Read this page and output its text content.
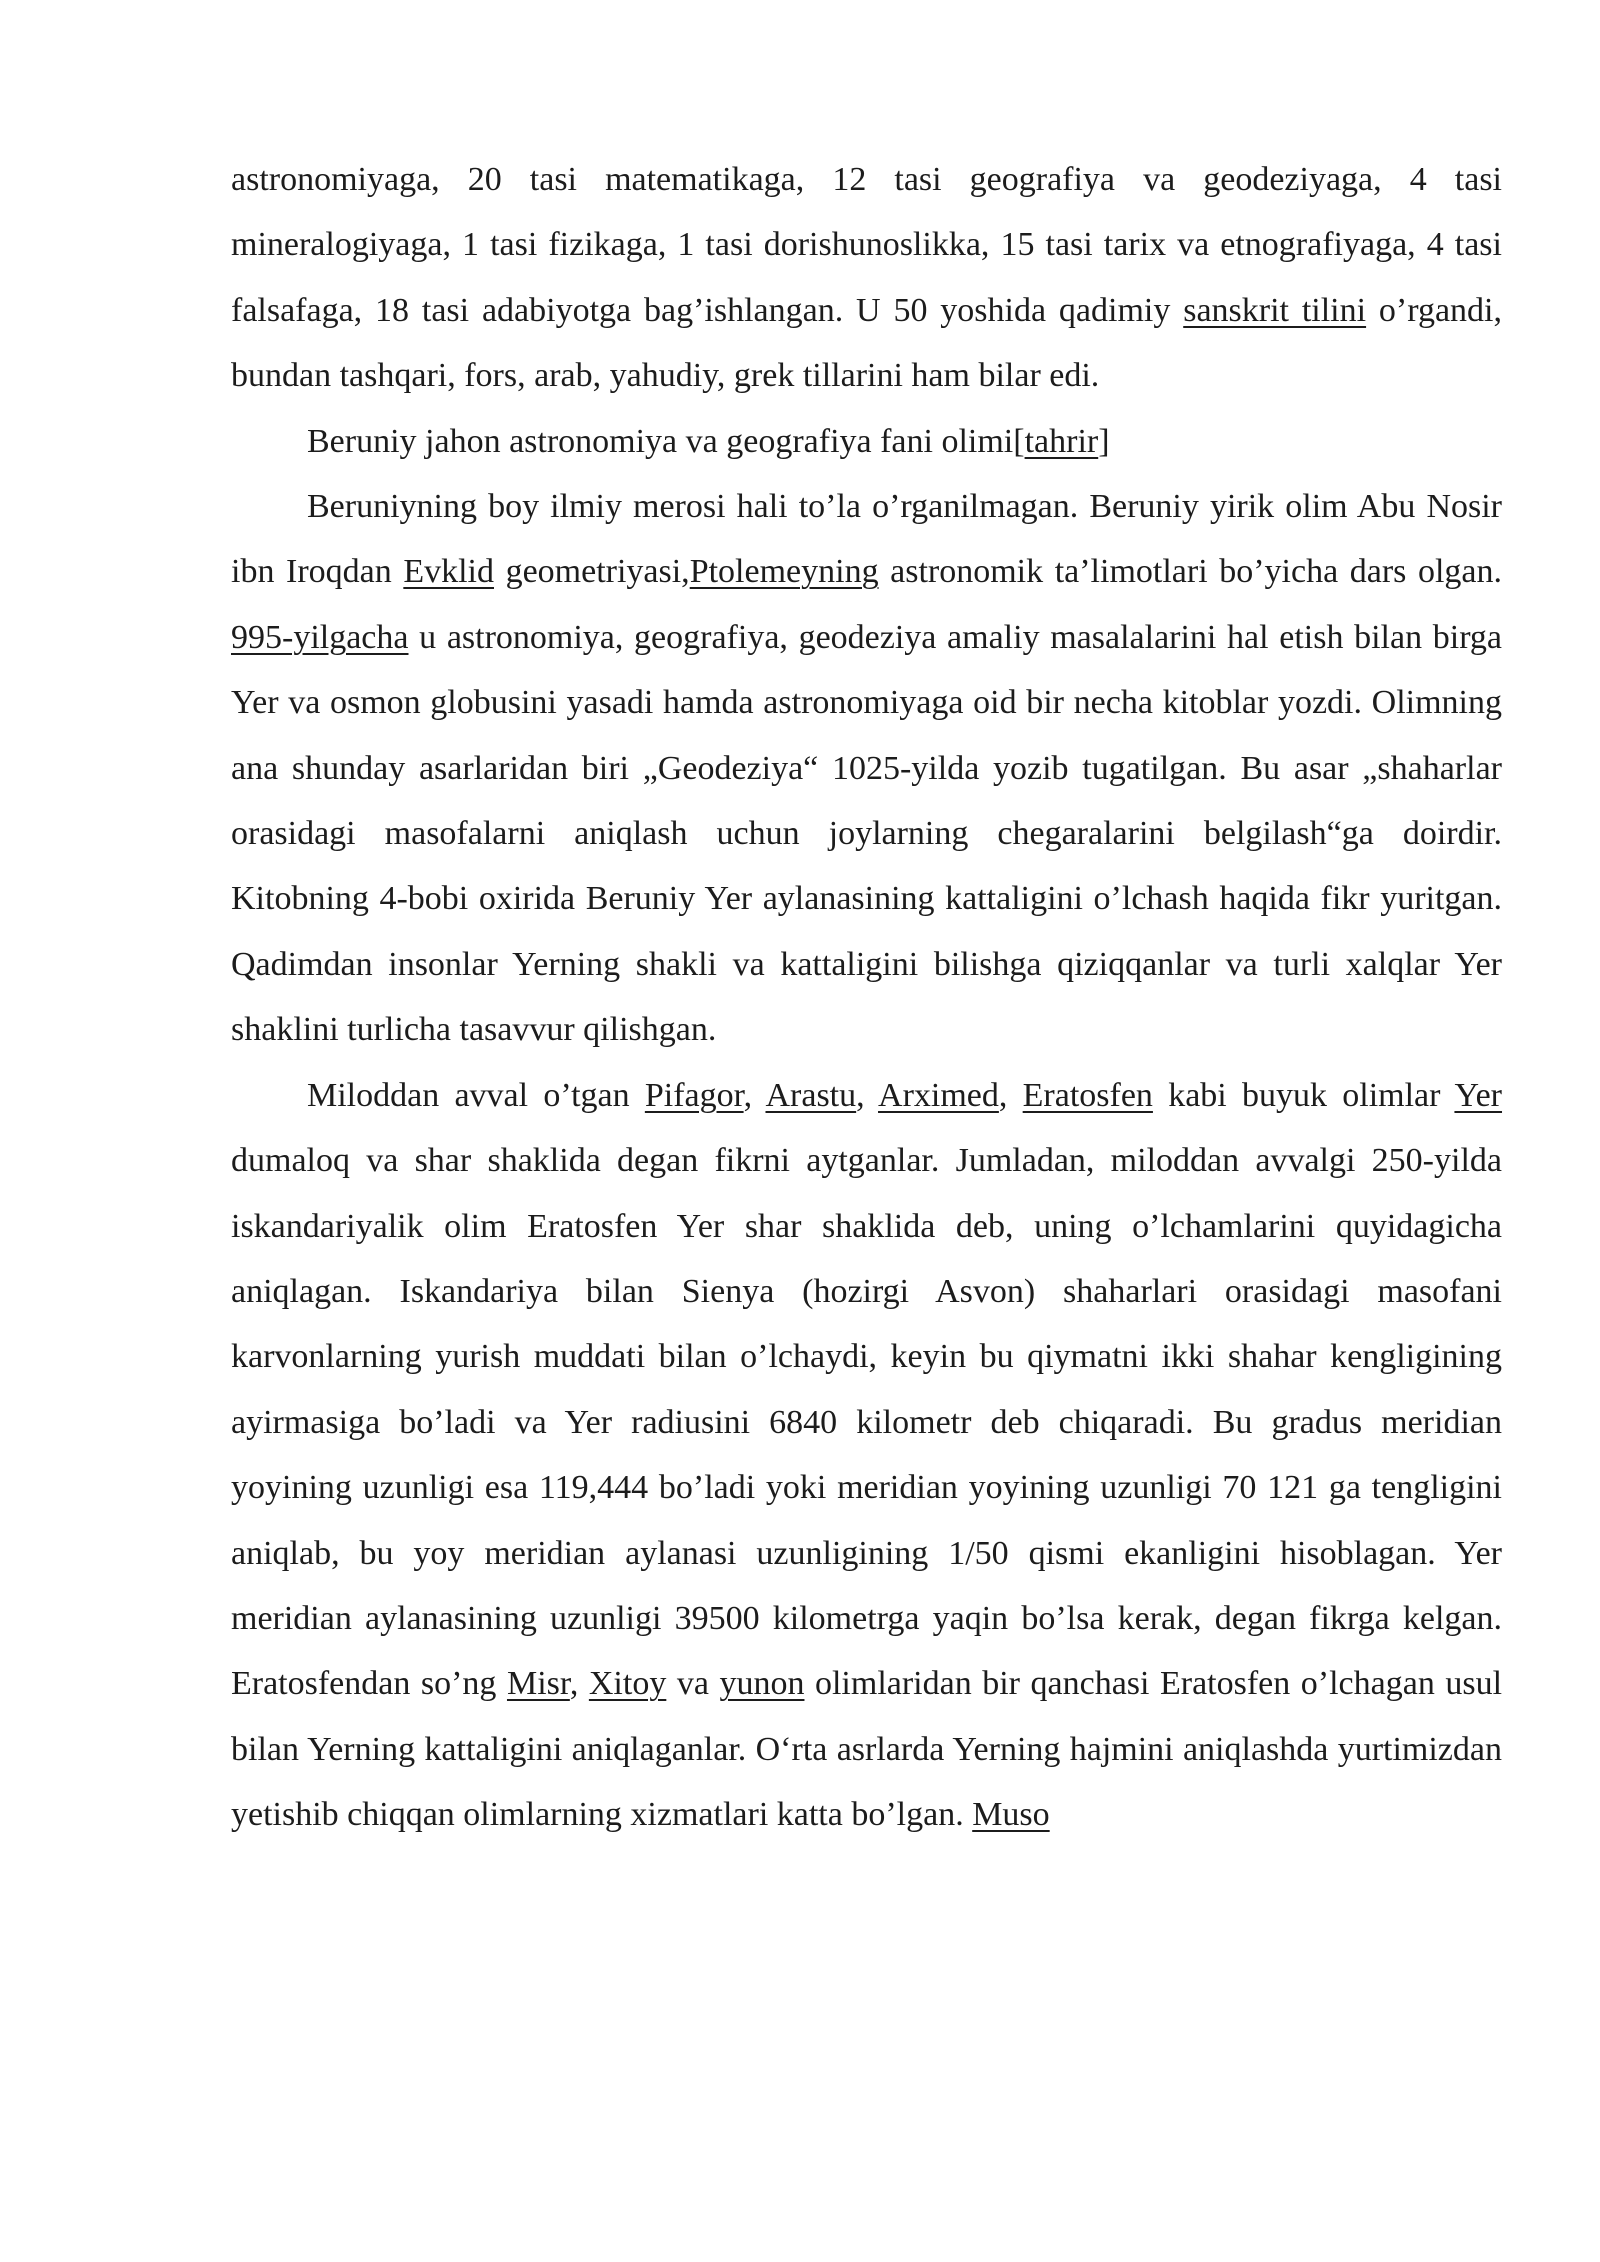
astronomiyaga, 20 tasi matematikaga, 12 tasi geografiya va geodeziyaga, 4 tasi mineralogiyaga, 1 tasi fizikaga, 1 tasi dorishunoslikka, 15 tasi tarix va etnografiyaga, 4 tasi falsafaga, 18 tasi adabiyotga bag’ishlangan. U 50 yoshida qadimiy sanskrit tilini o’rgandi, bundan tashqari, fors, arab, yahudiy, grek tillarini ham bilar edi.

Beruniy jahon astronomiya va geografiya fani olimi[tahrir]

Beruniyning boy ilmiy merosi hali to’la o’rganilmagan. Beruniy yirik olim Abu Nosir ibn Iroqdan Evklid geometriyasi,Ptolemeyning astronomik ta’limotlari bo’yicha dars olgan. 995-yilgacha u astronomiya, geografiya, geodeziya amaliy masalalarini hal etish bilan birga Yer va osmon globusini yasadi hamda astronomiyaga oid bir necha kitoblar yozdi. Olimning ana shunday asarlaridan biri „Geodeziya“ 1025-yilda yozib tugatilgan. Bu asar „shaharlar orasidagi masofalarni aniqlash uchun joylarning chegaralarini belgilash“ga doirdir. Kitobning 4-bobi oxirida Beruniy Yer aylanasining kattaligini o’lchash haqida fikr yuritgan. Qadimdan insonlar Yerning shakli va kattaligini bilishga qiziqqanlar va turli xalqlar Yer shaklini turlicha tasavvur qilishgan.

Miloddan avval o’tgan Pifagor, Arastu, Arximed, Eratosfen kabi buyuk olimlar Yer dumaloq va shar shaklida degan fikrni aytganlar. Jumladan, miloddan avvalgi 250-yilda iskandariyalik olim Eratosfen Yer shar shaklida deb, uning o’lchamlarini quyidagicha aniqlagan. Iskandariya bilan Sienya (hozirgi Asvon) shaharlari orasidagi masofani karvonlarning yurish muddati bilan o’lchaydi, keyin bu qiymatni ikki shahar kengligining ayirmasiga bo’ladi va Yer radiusini 6840 kilometr deb chiqaradi. Bu gradus meridian yoyining uzunligi esa 119,444 bo’ladi yoki meridian yoyining uzunligi 70 121 ga tengligini aniqlab, bu yoy meridian aylanasi uzunligining 1/50 qismi ekanligini hisoblagan. Yer meridian aylanasining uzunligi 39500 kilometrga yaqin bo’lsa kerak, degan fikrga kelgan. Eratosfendan so’ng Misr, Xitoy va yunon olimlaridan bir qanchasi Eratosfen o’lchagan usul bilan Yerning kattaligini aniqlaganlar. O‘rta asrlarda Yerning hajmini aniqlashda yurtimizdan yetishib chiqqan olimlarning xizmatlari katta bo’lgan. Muso
